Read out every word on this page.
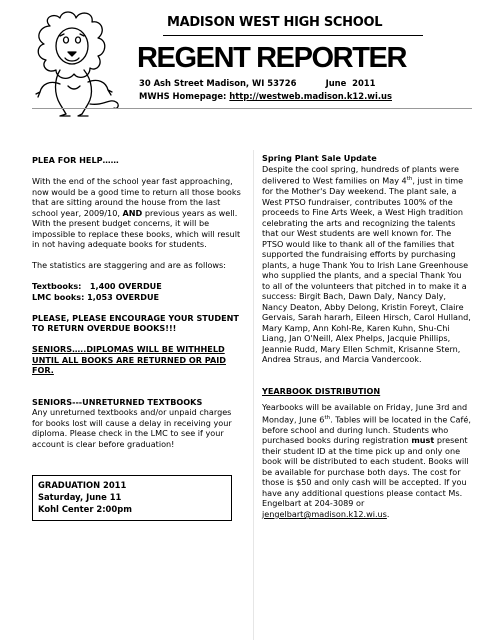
MADISON WEST HIGH SCHOOL
REGENT REPORTER
30 Ash Street Madison, WI 53726	June  2011
MWHS Homepage: http://westweb.madison.k12.wi.us

PLEA FOR HELP……

With the end of the school year fast approaching, now would be a good time to return all those books that are sitting around the house from the last school year, 2009/10, AND previous years as well. With the present budget concerns, it will be impossible to replace these books, which will result in not having adequate books for students.

The statistics are staggering and are as follows:

Textbooks: 1,400 OVERDUE

LMC books: 1,053 OVERDUE

PLEASE, PLEASE ENCOURAGE YOUR STUDENT TO RETURN OVERDUE BOOKS!!!

SENIORS…..DIPLOMAS WILL BE WITHHELD UNTIL ALL BOOKS ARE RETURNED OR PAID FOR.

SENIORS---UNRETURNED TEXTBOOKS

Any unreturned textbooks and/or unpaid charges for books lost will cause a delay in receiving your diploma. Please check in the LMC to see if your account is clear before graduation!

GRADUATION 2011
Saturday, June 11
Kohl Center 2:00pm

Spring Plant Sale Update

Despite the cool spring, hundreds of plants were delivered to West families on May 4th, just in time for the Mother's Day weekend. The plant sale, a West PTSO fundraiser, contributes 100% of the proceeds to Fine Arts Week, a West High tradition celebrating the arts and recognizing the talents that our West students are well known for. The PTSO would like to thank all of the families that supported the fundraising efforts by purchasing plants, a huge Thank You to Irish Lane Greenhouse who supplied the plants, and a special Thank You to all of the volunteers that pitched in to make it a success: Birgit Bach, Dawn Daly, Nancy Daly, Nancy Deaton, Abby Delong, Kristin Foreyt, Claire Gervais, Sarah hararh, Eileen Hirsch, Carol Hulland, Mary Kamp, Ann Kohl-Re, Karen Kuhn, Shu-Chi Liang, Jan O'Neill, Alex Phelps, Jacquie Phillips, Jeannie Rudd, Mary Ellen Schmit, Krisanne Stern, Andrea Straus, and Marcia Vandercook.

YEARBOOK DISTRIBUTION

Yearbooks will be available on Friday, June 3rd and Monday, June 6th. Tables will be located in the Café, before school and during lunch. Students who purchased books during registration must present their student ID at the time pick up and only one book will be distributed to each student. Books will be available for purchase both days. The cost for those is $50 and only cash will be accepted. If you have any additional questions please contact Ms. Engelbart at 204-3089 or jengelbart@madison.k12.wi.us.
